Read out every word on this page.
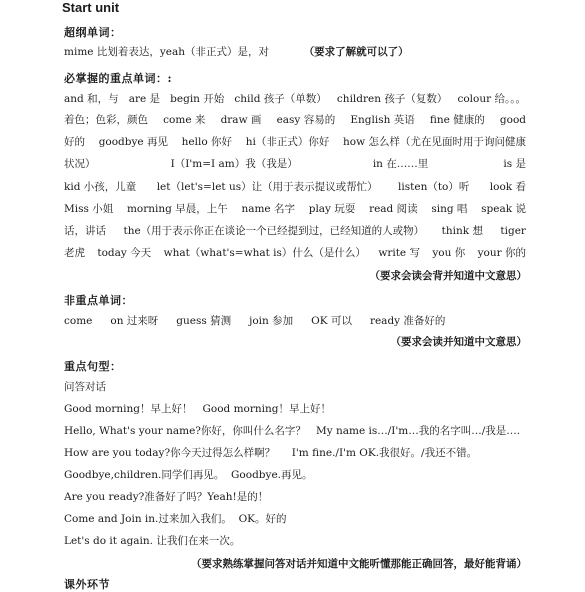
Start unit
超纲单词：
mime 比划着表达，yeah（非正式）是，对	（要求了解就可以了）
必掌握的重点单词：:
and 和，与 are 是 begin 开始 child 孩子（单数） children 孩子（复数） colour 给。。。
着色；色彩，颜色 come 来 draw 画 easy 容易的 English 英语 fine 健康的 good
好的 goodbye 再见 hello 你好 hi（非正式）你好 how 怎么样（尤在见面时用于询问健康
状况）	I（I'm=I am）我（我是）	in 在……里	is 是
kid 小孩，儿童 let（let's=let us）让（用于表示提议或帮忙） listen（to）听 look 看
Miss 小姐 morning 早晨，上午 name 名字 play 玩耍 read 阅读 sing 唱 speak 说
话，讲话 the（用于表示你正在谈论一个已经提到过，已经知道的人或物） think 想 tiger
老虎 today 今天 what（what's=what is）什么（是什么） write 写 you 你 your 你的
（要求会读会背并知道中文意思）
非重点单词：
come on 过来呀 guess 猜测 join 参加 OK 可以 ready 准备好的
（要求会读并知道中文意思）
重点句型：
问答对话
Good morning！早上好！   Good morning！早上好！
Hello, What's your name?你好，你叫什么名字？   My name is…/I'm…我的名字叫…/我是….
How are you today?你今天过得怎么样啊？     I'm fine./I'm OK.我很好。/我还不错。
Goodbye,children.同学们再见。  Goodbye.再见。
Are you ready?准备好了吗？Yeah!是的！
Come and Join in.过来加入我们。  OK。好的
Let's do it again. 让我们在来一次。
（要求熟练掌握问答对话并知道中文能听懂那能正确回答，最好能背诵）
课外环节
